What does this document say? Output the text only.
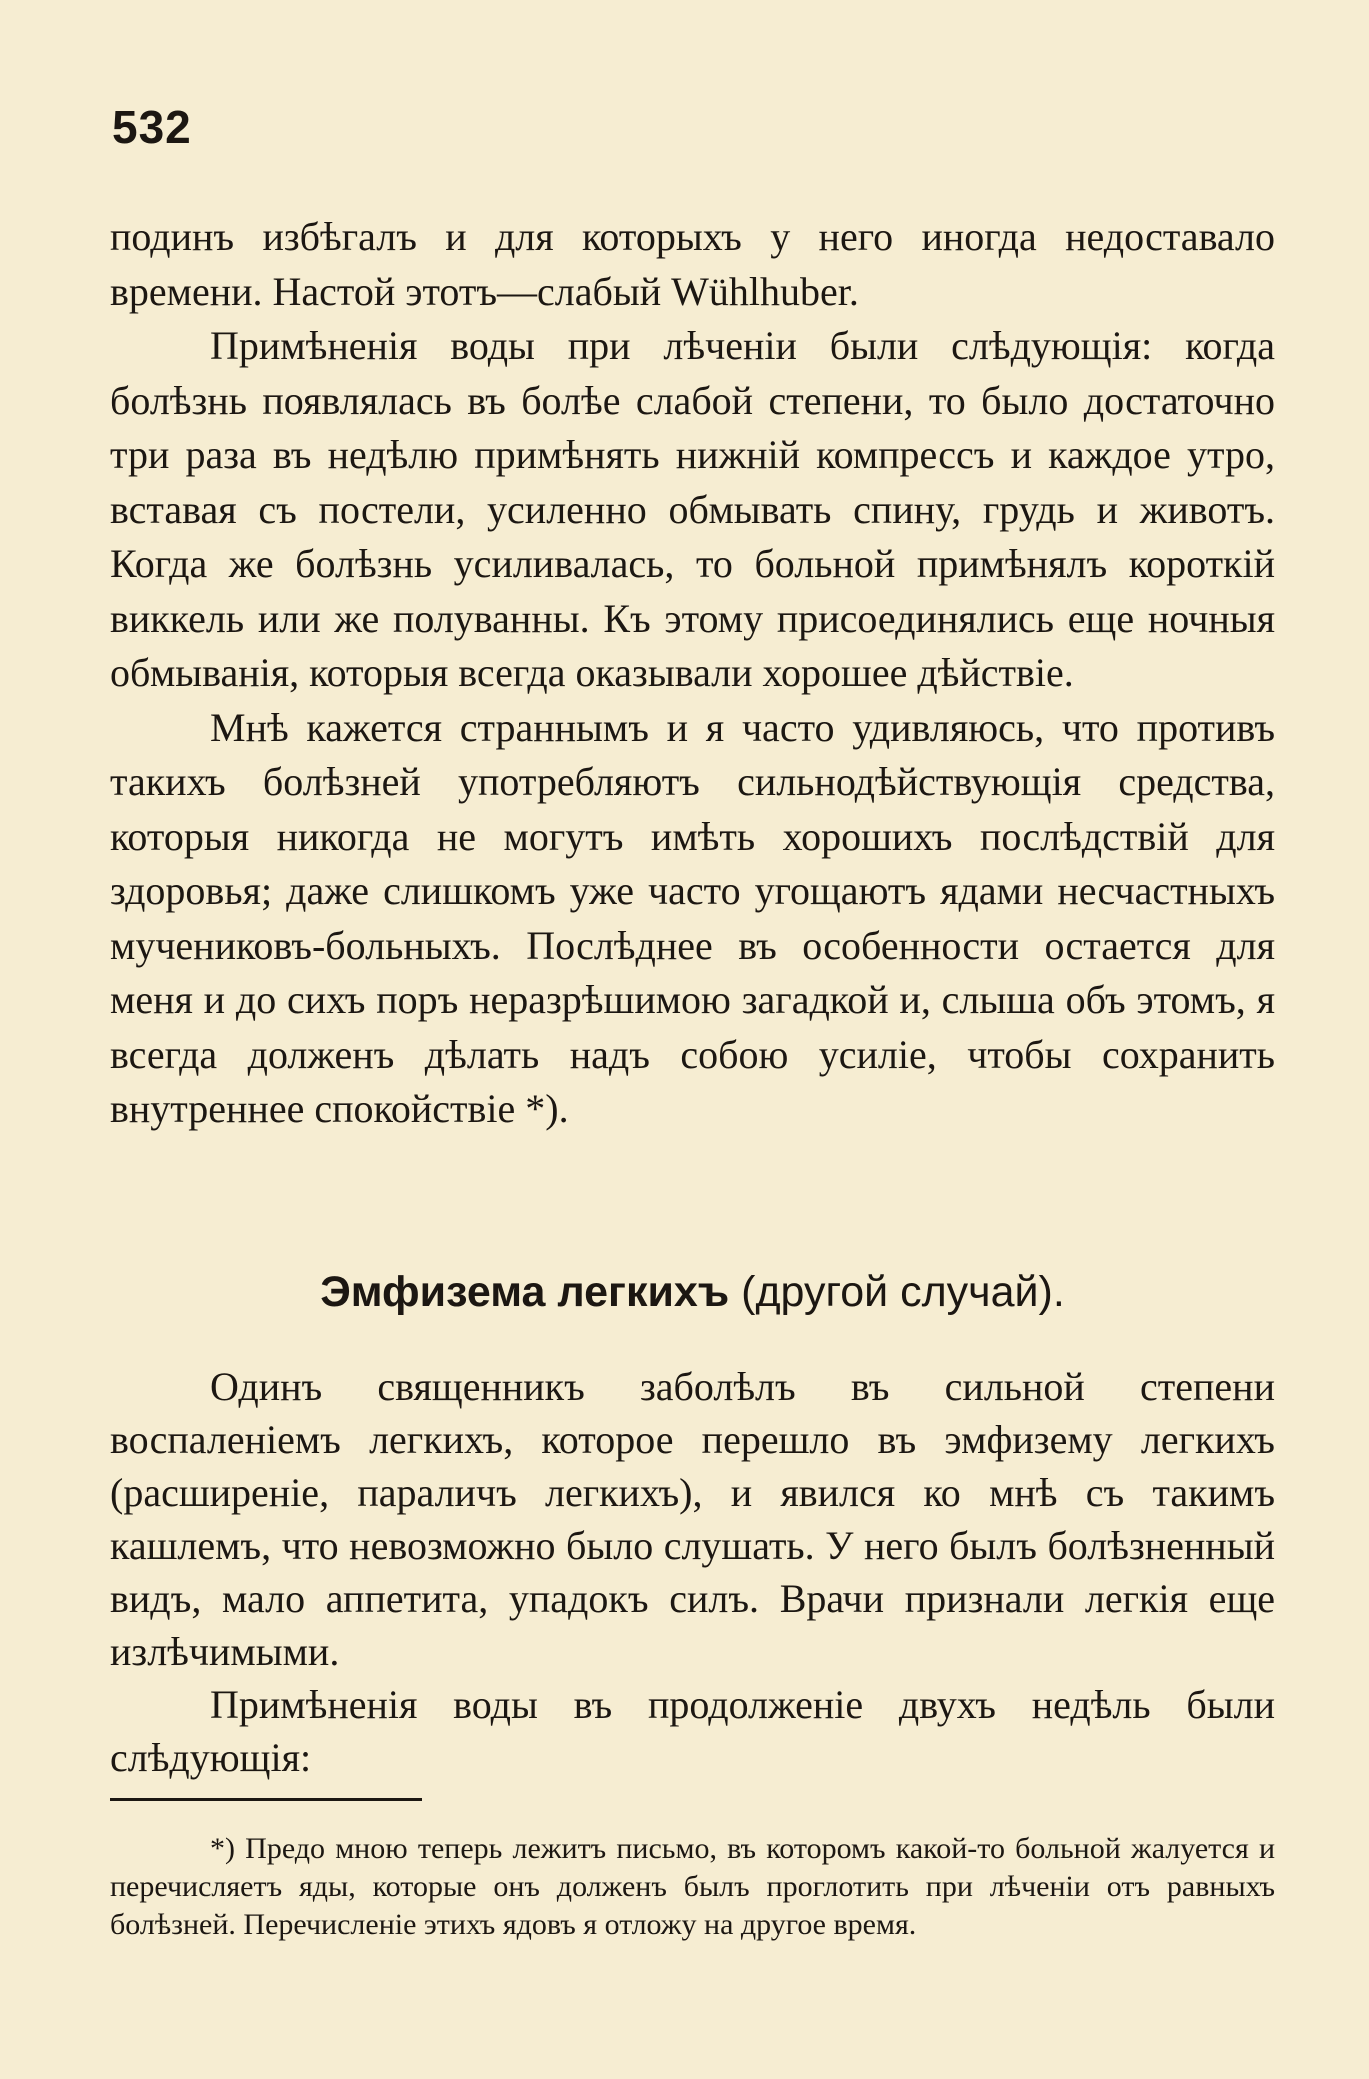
532

подинъ избѣгалъ и для которыхъ у него иногда недоставало времени. Настой этотъ—слабый Wühlhuber.

Примѣненія воды при лѣченіи были слѣдующія: когда болѣзнь появлялась въ болѣе слабой степени, то было достаточно три раза въ недѣлю примѣнять нижній компрессъ и каждое утро, вставая съ постели, усиленно обмывать спину, грудь и животъ. Когда же болѣзнь усиливалась, то больной примѣнялъ короткій виккель или же полуванны. Къ этому присоединялись еще ночныя обмыванія, которыя всегда оказывали хорошее дѣйствіе.

Мнѣ кажется страннымъ и я часто удивляюсь, что противъ такихъ болѣзней употребляютъ сильнодѣйствующія средства, которыя никогда не могутъ имѣть хорошихъ послѣдствій для здоровья; даже слишкомъ уже часто угощаютъ ядами несчастныхъ мучениковъ-больныхъ. Послѣднее въ особенности остается для меня и до сихъ поръ неразрѣшимою загадкой и, слыша объ этомъ, я всегда долженъ дѣлать надъ собою усиліе, чтобы сохранить внутреннее спокойствіе *).

Эмфизема легкихъ (другой случай).

Одинъ священникъ заболѣлъ въ сильной степени воспаленіемъ легкихъ, которое перешло въ эмфизему легкихъ (расширеніе, параличъ легкихъ), и явился ко мнѣ съ такимъ кашлемъ, что невозможно было слушать. У него былъ болѣзненный видъ, мало аппетита, упадокъ силъ. Врачи признали легкія еще излѣчимыми.

Примѣненія воды въ продолженіе двухъ недѣль были слѣдующія:

*) Предо мною теперь лежитъ письмо, въ которомъ какой-то больной жалуется и перечисляетъ яды, которые онъ долженъ былъ проглотить при лѣченіи отъ равныхъ болѣзней. Перечисленіе этихъ ядовъ я отложу на другое время.
